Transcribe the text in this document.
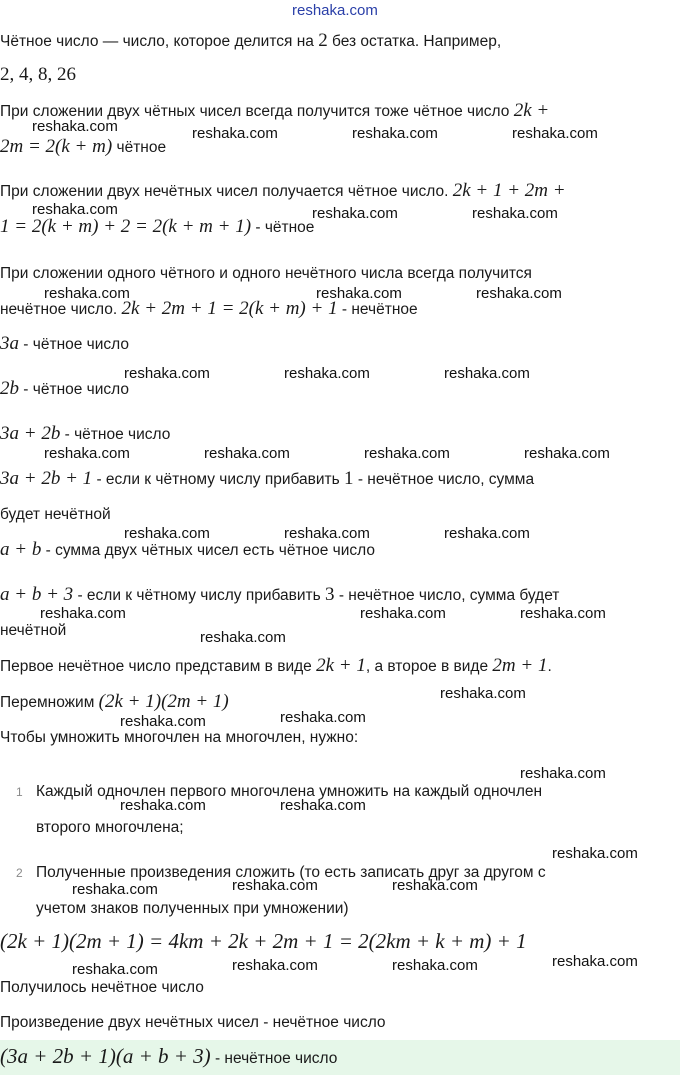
reshaka.com
Чётное число — число, которое делится на 2 без остатка. Например,
2, 4, 8, 26
При сложении двух чётных чисел всегда получится тоже чётное число 2k +
2m = 2(k + m) чётное
При сложении двух нечётных чисел получается чётное число. 2k + 1 + 2m +
1 = 2(k + m) + 2 = 2(k + m + 1) - чётное
При сложении одного чётного и одного нечётного числа всегда получится
нечётное число. 2k + 2m + 1 = 2(k + m) + 1 - нечётное
3a - чётное число
2b - чётное число
3a + 2b - чётное число
3a + 2b + 1 - если к чётному числу прибавить 1 - нечётное число, сумма
будет нечётной
a + b - сумма двух чётных чисел есть чётное число
a + b + 3 - если к чётному числу прибавить 3 - нечётное число, сумма будет
нечётной
Первое нечётное число представим в виде 2k + 1, а второе в виде 2m + 1.
Перемножим (2k + 1)(2m + 1)
Чтобы умножить многочлен на многочлен, нужно:
1 Каждый одночлен первого многочлена умножить на каждый одночлен
второго многочлена;
2 Полученные произведения сложить (то есть записать друг за другом с
учетом знаков полученных при умножении)
(2k + 1)(2m + 1) = 4km + 2k + 2m + 1 = 2(2km + k + m) + 1
Получилось нечётное число
Произведение двух нечётных чисел - нечётное число
(3a + 2b + 1)(a + b + 3) - нечётное число
reshaka.com	reshaka.com	reshaka.com	reshaka.com
reshaka.com	reshaka.com	reshaka.com
reshaka.com	reshaka.com	reshaka.com
reshaka.com	reshaka.com	reshaka.com
reshaka.com	reshaka.com	reshaka.com	reshaka.com
reshaka.com	reshaka.com	reshaka.com
reshaka.com	reshaka.com	reshaka.com
reshaka.com
reshaka.com
reshaka.com
reshaka.com
reshaka.com
reshaka.com	reshaka.com
reshaka.com
reshaka.com	reshaka.com
reshaka.com
reshaka.com
reshaka.com	reshaka.com
reshaka.com
